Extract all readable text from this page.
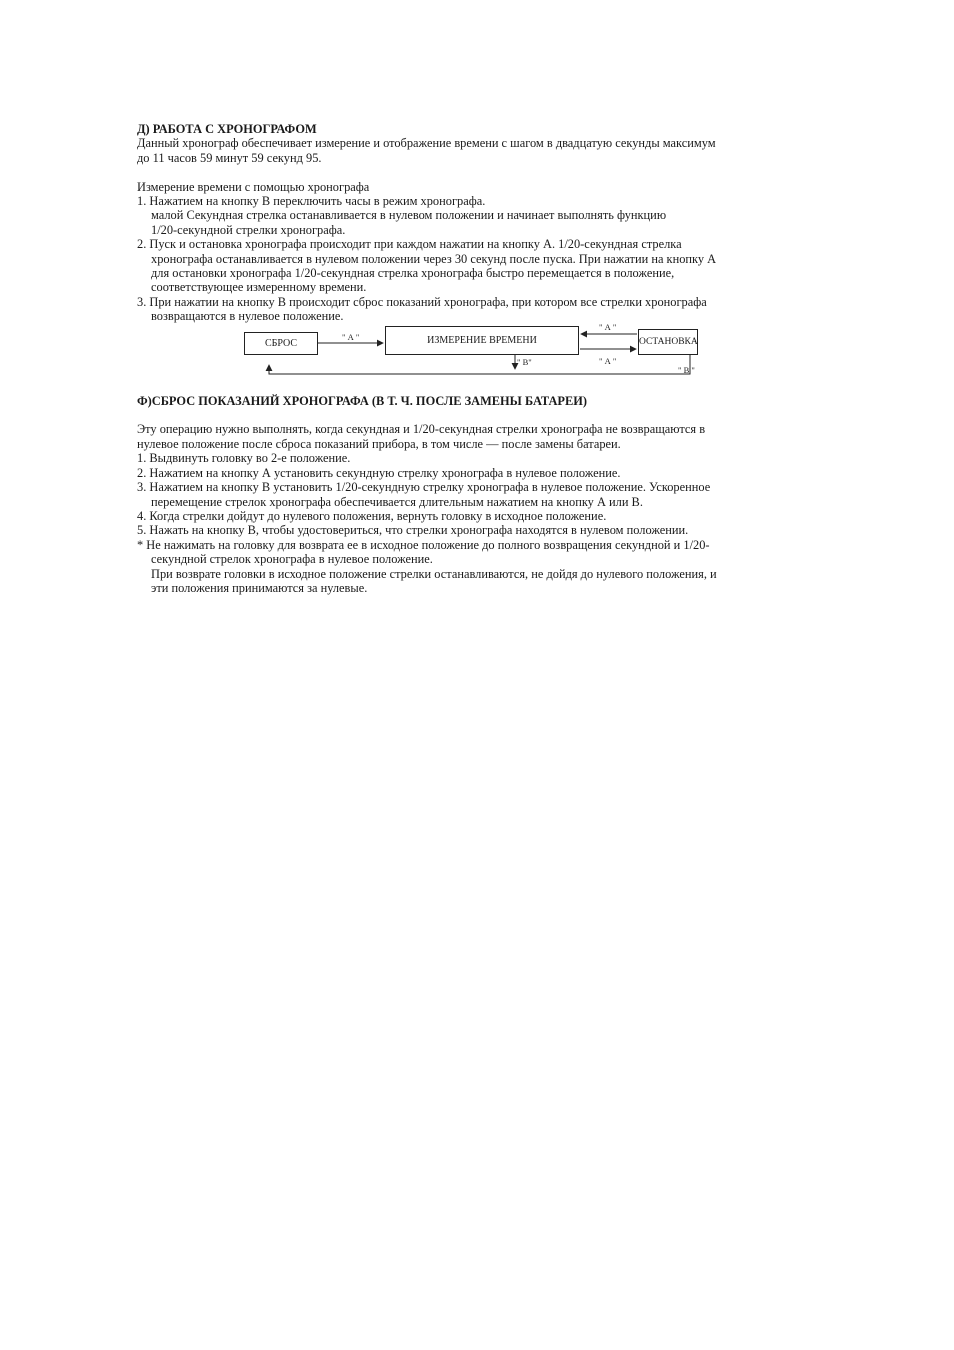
Д) РАБОТА С ХРОНОГРАФОМ

Данный хронограф обеспечивает измерение и отображение времени с шагом в двадцатую секунды максимум

до 11 часов 59 минут 59 секунд 95.

Измерение времени с помощью хронографа

1. Нажатием на кнопку В переключить часы в режим хронографа.

малой Секундная стрелка останавливается в нулевом положении и начинает выполнять функцию

1/20-секундной стрелки хронографа.

2. Пуск и остановка хронографа происходит при каждом нажатии на кнопку А. 1/20-секундная стрелка

хронографа останавливается в нулевом положении через 30 секунд после пуска. При нажатии на кнопку А

для остановки хронографа 1/20-секундная стрелка хронографа быстро перемещается в положение,

соответствующее измеренному времени.

3. При нажатии на кнопку В происходит сброс показаний хронографа, при котором все стрелки хронографа

возвращаются в нулевое положение.

СБРОС	ИЗМЕРЕНИЕ ВРЕМЕНИ	ОСТАНОВКА
" А "
" А "
" А "
" В"
" В "

Ф)СБРОС ПОКАЗАНИЙ ХРОНОГРАФА (В Т. Ч. ПОСЛЕ ЗАМЕНЫ БАТАРЕИ)

Эту операцию нужно выполнять, когда секундная и 1/20-секундная стрелки хронографа не возвращаются в

нулевое положение после сброса показаний прибора, в том числе — после замены батареи.

1. Выдвинуть головку во 2-е положение.

2. Нажатием на кнопку А установить секундную стрелку хронографа в нулевое положение.

3. Нажатием на кнопку В установить 1/20-секундную стрелку хронографа в нулевое положение. Ускоренное

перемещение стрелок хронографа обеспечивается длительным нажатием на кнопку А или В.

4. Когда стрелки дойдут до нулевого положения, вернуть головку в исходное положение.

5. Нажать на кнопку В, чтобы удостовериться, что стрелки хронографа находятся в нулевом положении.

* Не нажимать на головку для возврата ее в исходное положение до полного возвращения секундной и 1/20-

секундной стрелок хронографа в нулевое положение.

При возврате головки в исходное положение стрелки останавливаются, не дойдя до нулевого положения, и

эти положения принимаются за нулевые.
